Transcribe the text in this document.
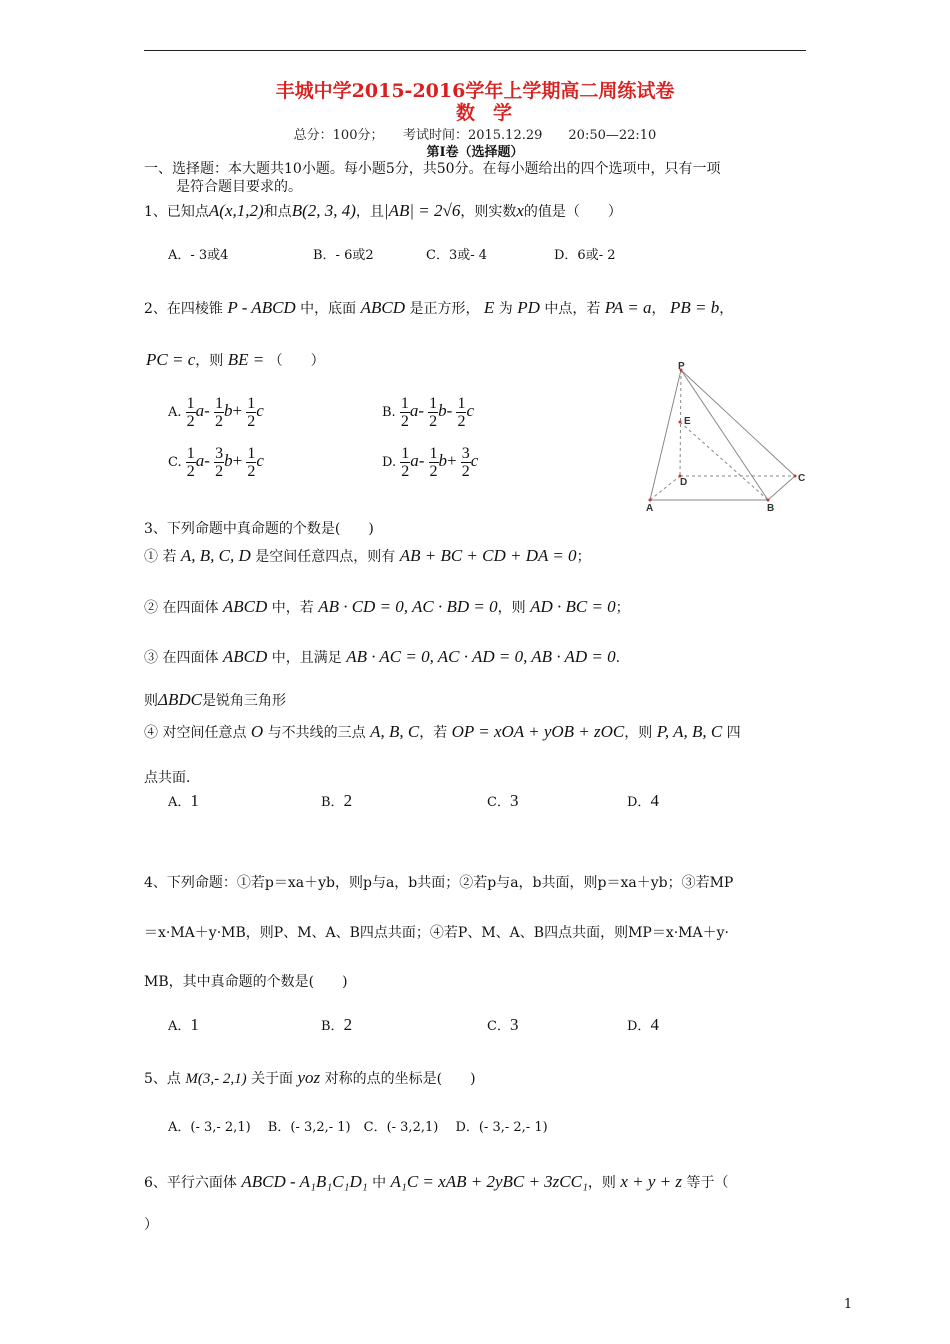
丰城中学2015-2016学年上学期高二周练试卷
数学
总分：100分；　　考试时间：2015.12.29　　20:50—22:10
第Ⅰ卷（选择题）
一、选择题：本大题共10小题。每小题5分，共50分。在每小题给出的四个选项中，只有一项
是符合题目要求的。
1、已知点A(x,1,2)和点B(2, 3, 4)，且|AB| = 2√6，则实数x的值是（　　）
A．- 3或4	B．- 6或2	C．3或- 4	D．6或- 2
2、在四棱锥 P - ABCD 中，底面 ABCD 是正方形， E 为 PD 中点，若 PA = a， PB = b，
PC = c，则 BE = （　　）
A. $\frac{1}{2} a- \frac{1}{2} b+ \frac{1}{2}$ c	B. $\frac{1}{2} a- \frac{1}{2} b- \frac{1}{2}$ c
C. $\frac{1}{2} a- \frac{3}{2} b+ \frac{1}{2}$ c	D. $\frac{1}{2} a- \frac{1}{2} b+ \frac{3}{2}$ c
P
E
D
A	B
C
3、下列命题中真命题的个数是(　　)
① 若 A, B, C, D 是空间任意四点，则有 AB + BC + CD + DA = 0；
② 在四面体 ABCD 中，若 AB · CD = 0, AC · BD = 0，则 AD · BC = 0；
③ 在四面体 ABCD 中，且满足 AB · AC = 0, AC · AD = 0, AB · AD = 0.
则ΔBDC是锐角三角形
④ 对空间任意点 O 与不共线的三点 A, B, C，若 OP = xOA + yOB + zOC，则 P, A, B, C 四
点共面.
A．1	B．2	C．3	D．4
4、下列命题：①若p＝xa＋yb，则p与a，b共面；②若p与a，b共面，则p＝xa＋yb；③若MP
＝x·MA＋y·MB，则P、M、A、B四点共面；④若P、M、A、B四点共面，则MP＝x·MA＋y·
MB，其中真命题的个数是(　　)
A．1	B．2	C．3	D．4
5、点 M(3,- 2,1) 关于面 yoz 对称的点的坐标是(　　)
A．(- 3,- 2,1)　 B．(- 3,2,- 1)　C．(- 3,2,1)　 D．(- 3,- 2,- 1)
6、平行六面体 ABCD - A₁B₁C₁D₁ 中 A₁C = xAB + 2yBC + 3zCC₁，则 x + y + z 等于（
）
1
